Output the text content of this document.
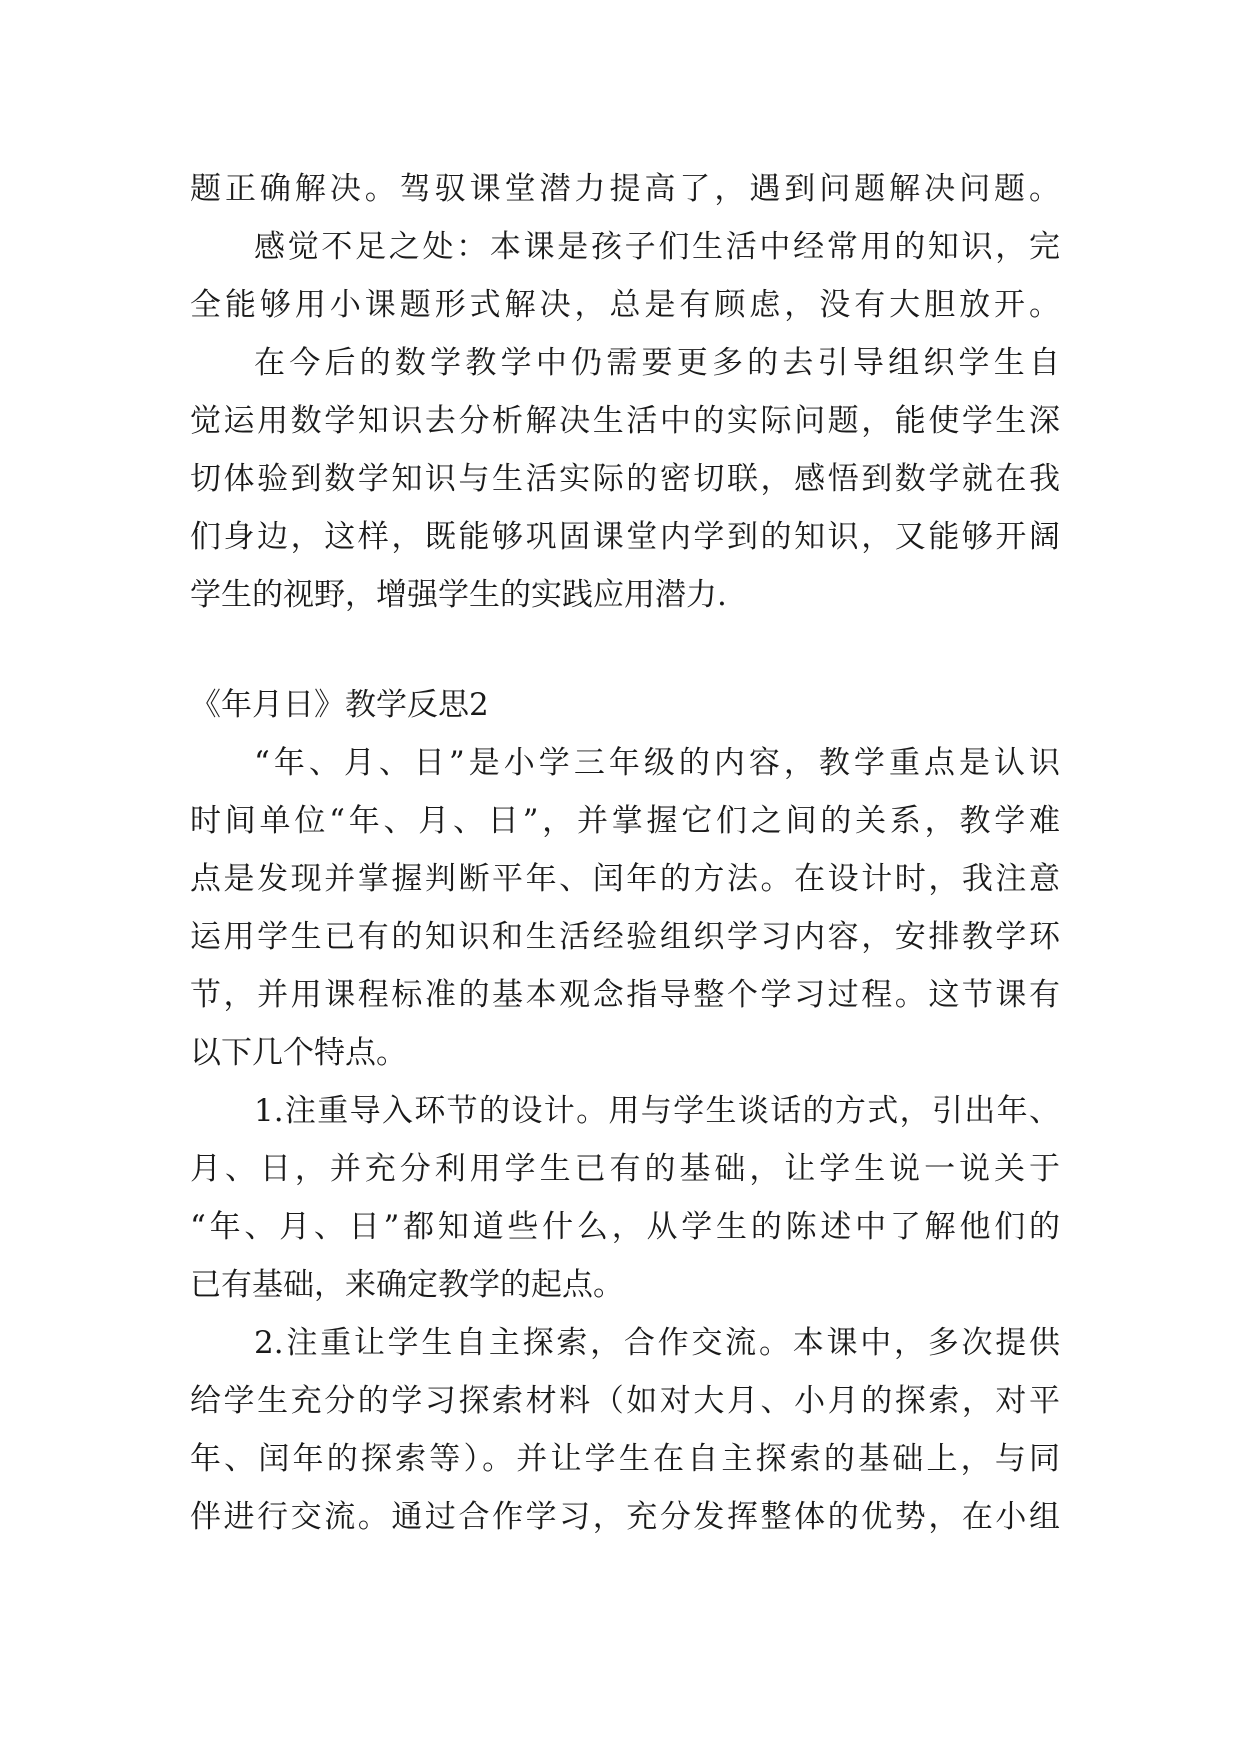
题正确解决。驾驭课堂潜力提高了，遇到问题解决问题。
感觉不足之处：本课是孩子们生活中经常用的知识，完
全能够用小课题形式解决，总是有顾虑，没有大胆放开。
在今后的数学教学中仍需要更多的去引导组织学生自
觉运用数学知识去分析解决生活中的实际问题，能使学生深
切体验到数学知识与生活实际的密切联，感悟到数学就在我
们身边，这样，既能够巩固课堂内学到的知识，又能够开阔
学生的视野，增强学生的实践应用潜力.
《年月日》教学反思2
“年、月、日”是小学三年级的内容，教学重点是认识
时间单位“年、月、日”，并掌握它们之间的关系，教学难
点是发现并掌握判断平年、闰年的方法。在设计时，我注意
运用学生已有的知识和生活经验组织学习内容，安排教学环
节，并用课程标准的基本观念指导整个学习过程。这节课有
以下几个特点。
1.注重导入环节的设计。用与学生谈话的方式，引出年、
月、日，并充分利用学生已有的基础，让学生说一说关于
“年、月、日”都知道些什么，从学生的陈述中了解他们的
已有基础，来确定教学的起点。
2.注重让学生自主探索，合作交流。本课中，多次提供
给学生充分的学习探索材料（如对大月、小月的探索，对平
年、闰年的探索等）。并让学生在自主探索的基础上，与同
伴进行交流。通过合作学习，充分发挥整体的优势，在小组
